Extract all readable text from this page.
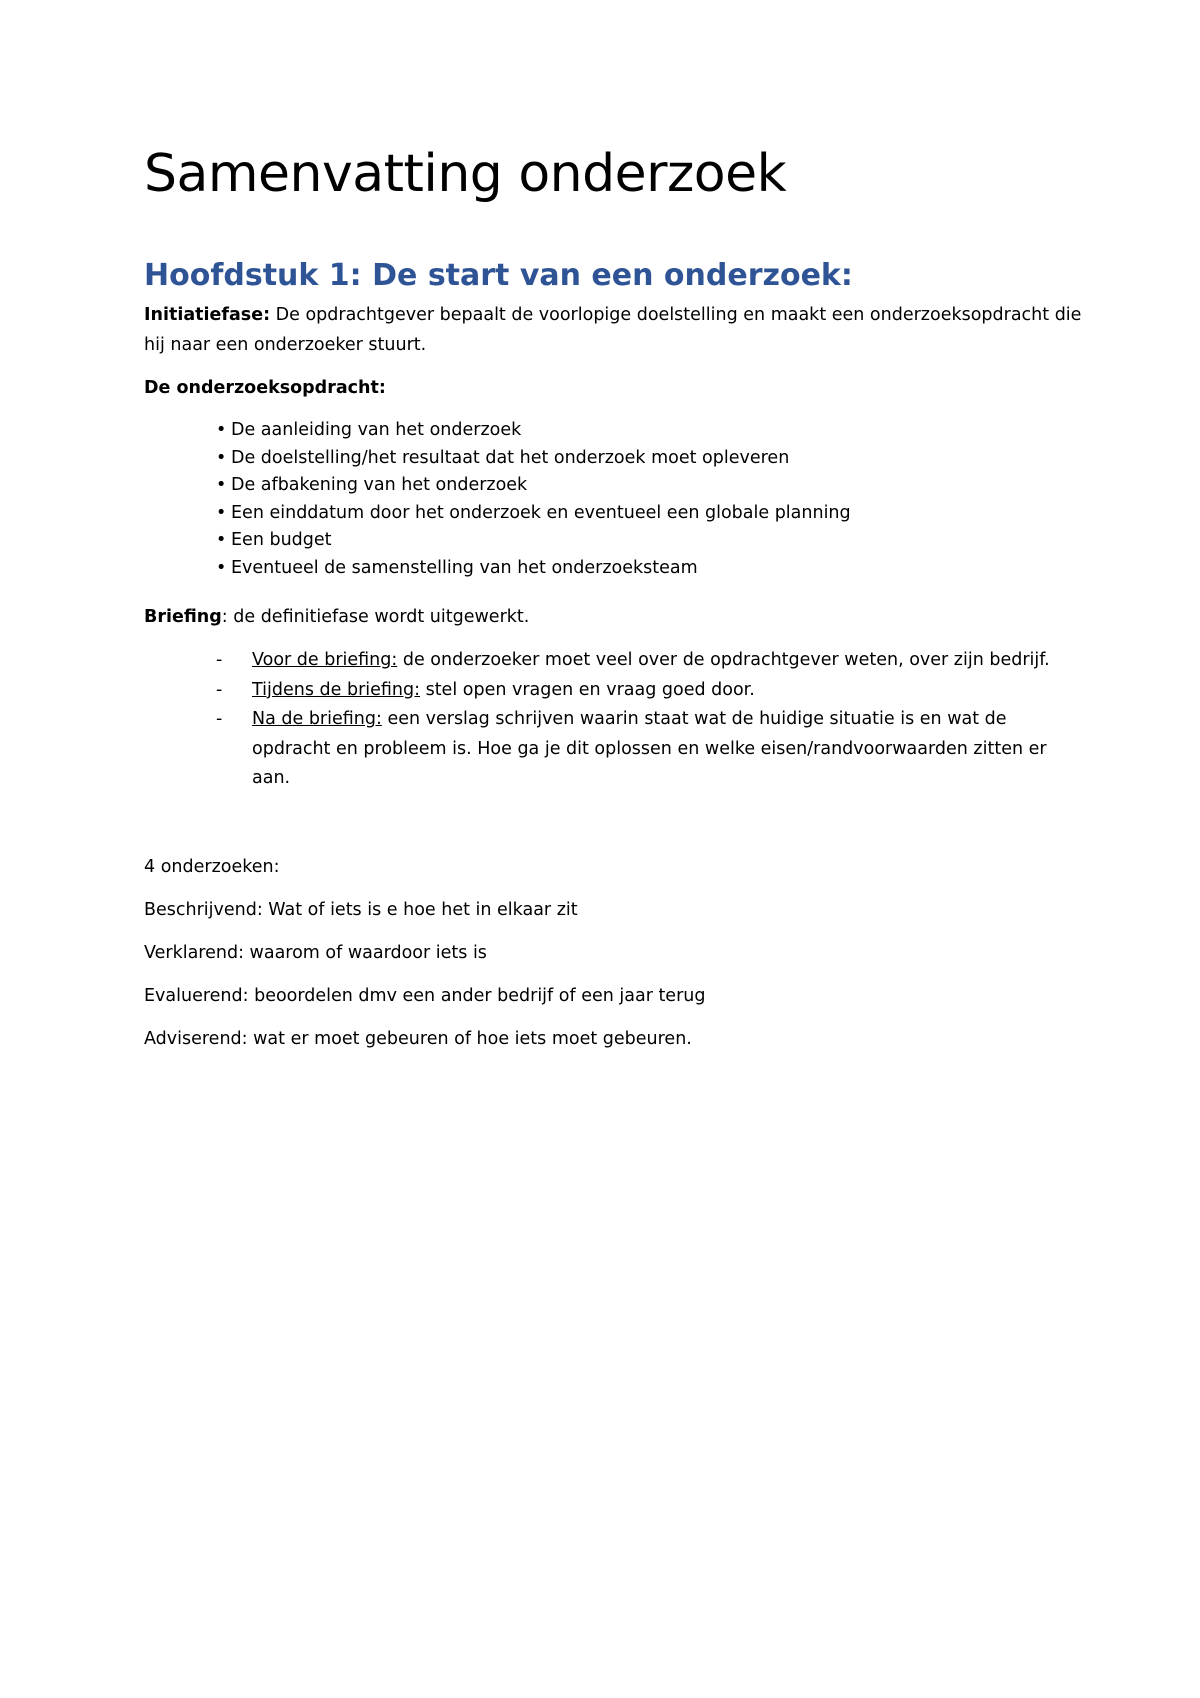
Samenvatting onderzoek
Hoofdstuk 1: De start van een onderzoek:

Initiatiefase: De opdrachtgever bepaalt de voorlopige doelstelling en maakt een onderzoeksopdracht die hij naar een onderzoeker stuurt.

De onderzoeksopdracht:

• De aanleiding van het onderzoek
• De doelstelling/het resultaat dat het onderzoek moet opleveren
• De afbakening van het onderzoek
• Een einddatum door het onderzoek en eventueel een globale planning
• Een budget
• Eventueel de samenstelling van het onderzoeksteam

Briefing: de definitiefase wordt uitgewerkt.

- Voor de briefing: de onderzoeker moet veel over de opdrachtgever weten, over zijn bedrijf.
- Tijdens de briefing: stel open vragen en vraag goed door.
- Na de briefing: een verslag schrijven waarin staat wat de huidige situatie is en wat de opdracht en probleem is. Hoe ga je dit oplossen en welke eisen/randvoorwaarden zitten er aan.

4 onderzoeken:

Beschrijvend: Wat of iets is e hoe het in elkaar zit

Verklarend: waarom of waardoor iets is

Evaluerend: beoordelen dmv een ander bedrijf of een jaar terug

Adviserend: wat er moet gebeuren of hoe iets moet gebeuren.
